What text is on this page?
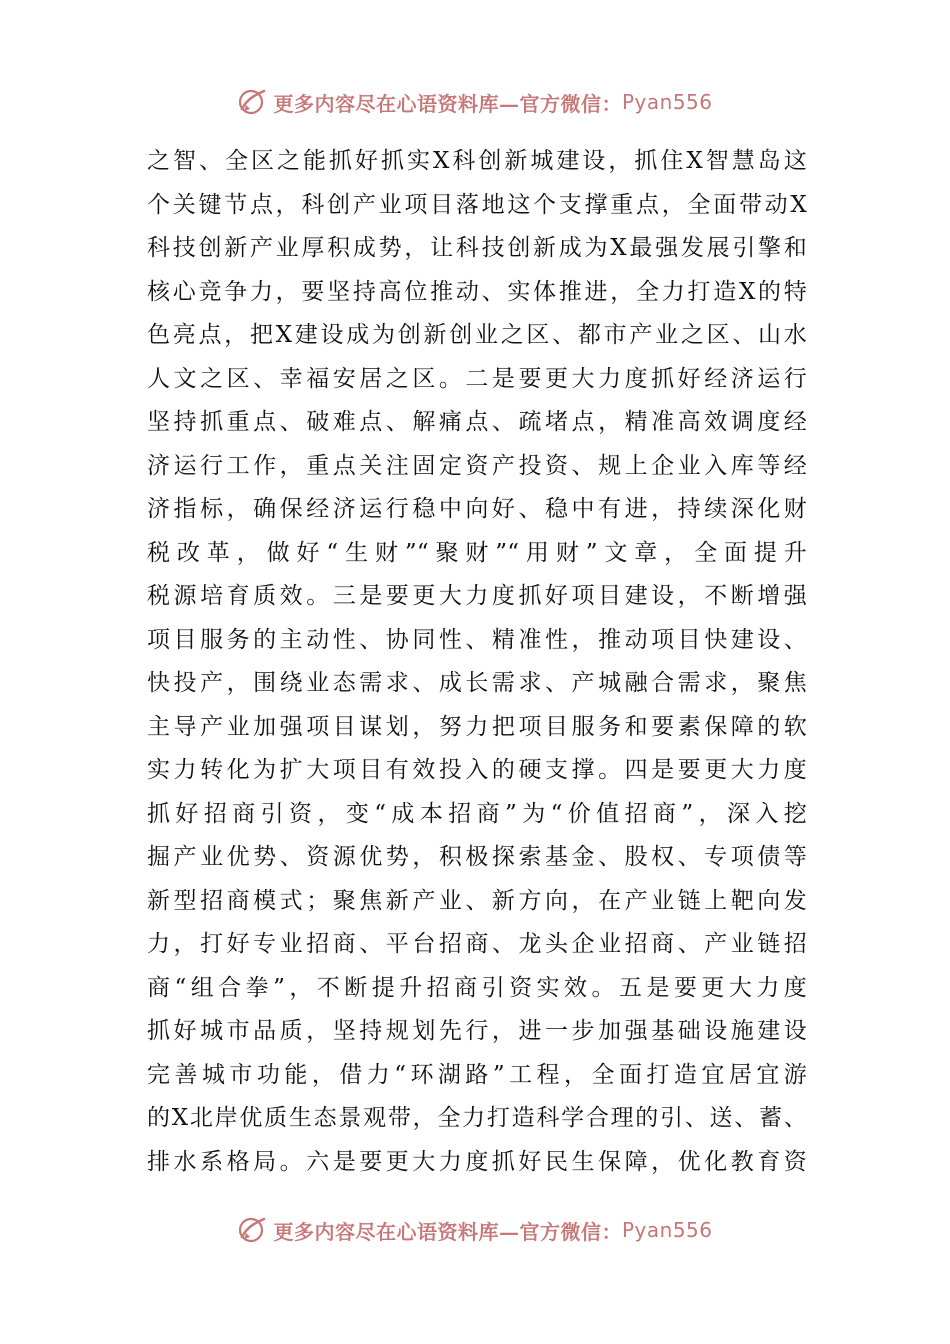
更多内容尽在心语资料库—官方微信： Pyan556
之智、全区之能抓好抓实X科创新城建设，抓住X智慧岛这
个关键节点，科创产业项目落地这个支撑重点，全面带动X
科技创新产业厚积成势，让科技创新成为X最强发展引擎和
核心竞争力，要坚持高位推动、实体推进，全力打造X的特
色亮点，把X建设成为创新创业之区、都市产业之区、山水
人文之区、幸福安居之区。二是要更大力度抓好经济运行
坚持抓重点、破难点、解痛点、疏堵点，精准高效调度经
济运行工作，重点关注固定资产投资、规上企业入库等经
济指标，确保经济运行稳中向好、稳中有进，持续深化财
税改革，做好“生财”“聚财”“用财”文章，全面提升
税源培育质效。三是要更大力度抓好项目建设，不断增强
项目服务的主动性、协同性、精准性，推动项目快建设、
快投产，围绕业态需求、成长需求、产城融合需求，聚焦
主导产业加强项目谋划，努力把项目服务和要素保障的软
实力转化为扩大项目有效投入的硬支撑。四是要更大力度
抓好招商引资，变“成本招商”为“价值招商”，深入挖
掘产业优势、资源优势，积极探索基金、股权、专项债等
新型招商模式；聚焦新产业、新方向，在产业链上靶向发
力，打好专业招商、平台招商、龙头企业招商、产业链招
商“组合拳”，不断提升招商引资实效。五是要更大力度
抓好城市品质，坚持规划先行，进一步加强基础设施建设
完善城市功能，借力“环湖路”工程，全面打造宜居宜游
的X北岸优质生态景观带，全力打造科学合理的引、送、蓄、
排水系格局。六是要更大力度抓好民生保障，优化教育资
更多内容尽在心语资料库—官方微信： Pyan556
